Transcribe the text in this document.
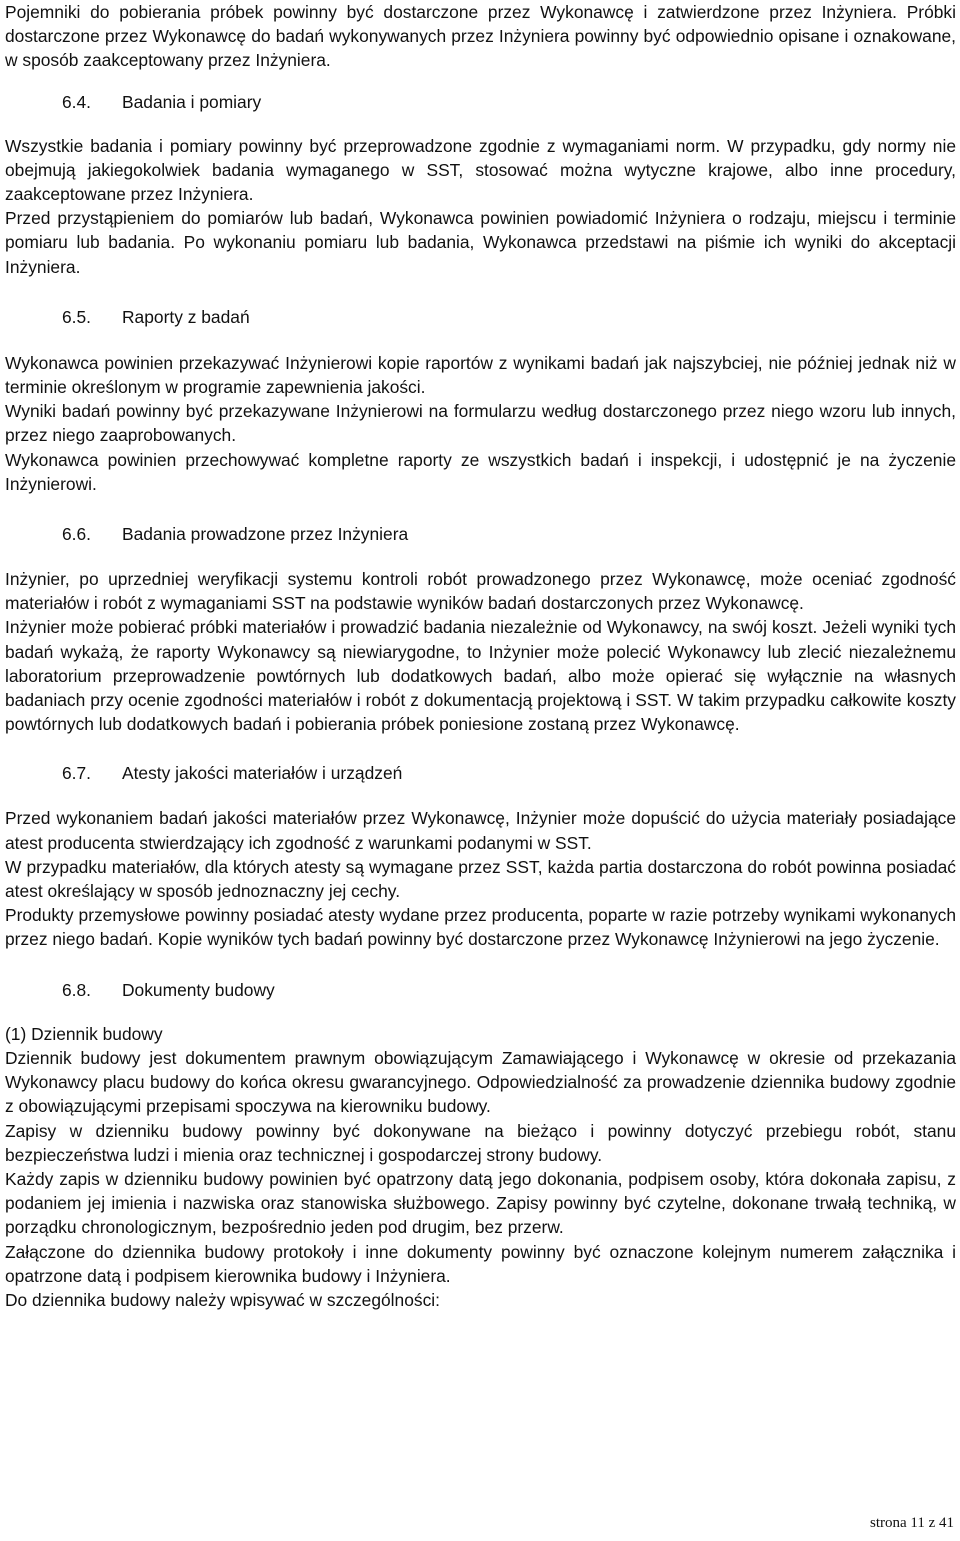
Pojemniki do pobierania próbek powinny być dostarczone przez Wykonawcę i zatwierdzone przez Inżyniera. Próbki dostarczone przez Wykonawcę do badań wykonywanych przez Inżyniera powinny być odpowiednio opisane i oznakowane, w sposób zaakceptowany przez Inżyniera.

6.4. Badania i pomiary

Wszystkie badania i pomiary powinny być przeprowadzone zgodnie z wymaganiami norm. W przypadku, gdy normy nie obejmują jakiegokolwiek badania wymaganego w SST, stosować można wytyczne krajowe, albo inne procedury, zaakceptowane przez Inżyniera.

Przed przystąpieniem do pomiarów lub badań, Wykonawca powinien powiadomić Inżyniera o rodzaju, miejscu i terminie pomiaru lub badania. Po wykonaniu pomiaru lub badania, Wykonawca przedstawi na piśmie ich wyniki do akceptacji Inżyniera.

6.5. Raporty z badań

Wykonawca powinien przekazywać Inżynierowi kopie raportów z wynikami badań jak najszybciej, nie później jednak niż w terminie określonym w programie zapewnienia jakości.

Wyniki badań powinny być przekazywane Inżynierowi na formularzu według dostarczonego przez niego wzoru lub innych, przez niego zaaprobowanych.

Wykonawca powinien przechowywać kompletne raporty ze wszystkich badań i inspekcji, i udostępnić je na życzenie Inżynierowi.

6.6. Badania prowadzone przez Inżyniera

Inżynier, po uprzedniej weryfikacji systemu kontroli robót prowadzonego przez Wykonawcę, może oceniać zgodność materiałów i robót z wymaganiami SST na podstawie wyników badań dostarczonych przez Wykonawcę.

Inżynier może pobierać próbki materiałów i prowadzić badania niezależnie od Wykonawcy, na swój koszt. Jeżeli wyniki tych badań wykażą, że raporty Wykonawcy są niewiarygodne, to Inżynier może polecić Wykonawcy lub zlecić niezależnemu laboratorium przeprowadzenie powtórnych lub dodatkowych badań, albo może opierać się wyłącznie na własnych badaniach przy ocenie zgodności materiałów i robót z dokumentacją projektową i SST. W takim przypadku całkowite koszty powtórnych lub dodatkowych badań i pobierania próbek poniesione zostaną przez Wykonawcę.

6.7. Atesty jakości materiałów i urządzeń

Przed wykonaniem badań jakości materiałów przez Wykonawcę, Inżynier może dopuścić do użycia materiały posiadające atest producenta stwierdzający ich zgodność z warunkami podanymi w SST.

W przypadku materiałów, dla których atesty są wymagane przez SST, każda partia dostarczona do robót powinna posiadać atest określający w sposób jednoznaczny jej cechy.

Produkty przemysłowe powinny posiadać atesty wydane przez producenta, poparte w razie potrzeby wynikami wykonanych przez niego badań. Kopie wyników tych badań powinny być dostarczone przez Wykonawcę Inżynierowi na jego życzenie.

6.8. Dokumenty budowy

(1) Dziennik budowy

Dziennik budowy jest dokumentem prawnym obowiązującym Zamawiającego i Wykonawcę w okresie od przekazania Wykonawcy placu budowy do końca okresu gwarancyjnego. Odpowiedzialność za prowadzenie dziennika budowy zgodnie z obowiązującymi przepisami spoczywa na kierowniku budowy.

Zapisy w dzienniku budowy powinny być dokonywane na bieżąco i powinny dotyczyć przebiegu robót, stanu bezpieczeństwa ludzi i mienia oraz technicznej i gospodarczej strony budowy.

Każdy zapis w dzienniku budowy powinien być opatrzony datą jego dokonania, podpisem osoby, która dokonała zapisu, z podaniem jej imienia i nazwiska oraz stanowiska służbowego. Zapisy powinny być czytelne, dokonane trwałą techniką, w porządku chronologicznym, bezpośrednio jeden pod drugim, bez przerw.

Załączone do dziennika budowy protokoły i inne dokumenty powinny być oznaczone kolejnym numerem załącznika i opatrzone datą i podpisem kierownika budowy i Inżyniera.

Do dziennika budowy należy wpisywać w szczególności:

strona 11 z 41
